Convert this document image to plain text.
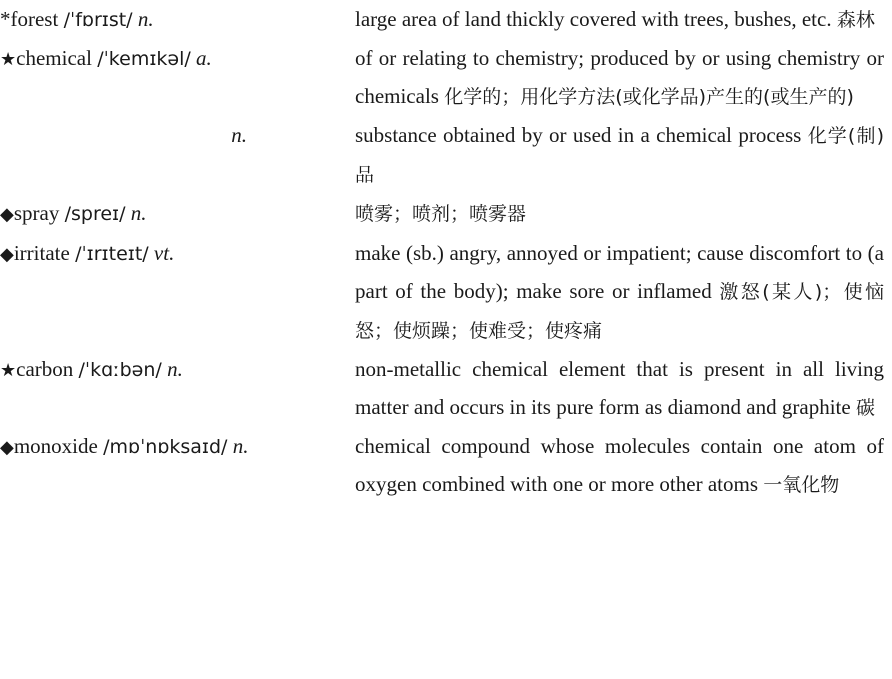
*forest /ˈfɒrɪst/ n.	large area of land thickly covered with trees, bushes, etc. 森林
★chemical /ˈkemɪkəl/ a.	of or relating to chemistry; produced by or using chemistry or chemicals 化学的；用化学方法(或化学品)产生的(或生产的)
n.	substance obtained by or used in a chemical process 化学(制)品
◆spray /spreɪ/ n.	喷雾；喷剂；喷雾器
◆irritate /ˈɪrɪteɪt/ vt.	make (sb.) angry, annoyed or impatient; cause discomfort to (a part of the body); make sore or inflamed 激怒(某人)；使恼怒；使烦躁；使难受；使疼痛
★carbon /ˈkɑːbən/ n.	non-metallic chemical element that is present in all living matter and occurs in its pure form as diamond and graphite 碳
◆monoxide /mɒˈnɒksaɪd/ n.	chemical compound whose molecules contain one atom of oxygen combined with one or more other atoms 一氧化物
